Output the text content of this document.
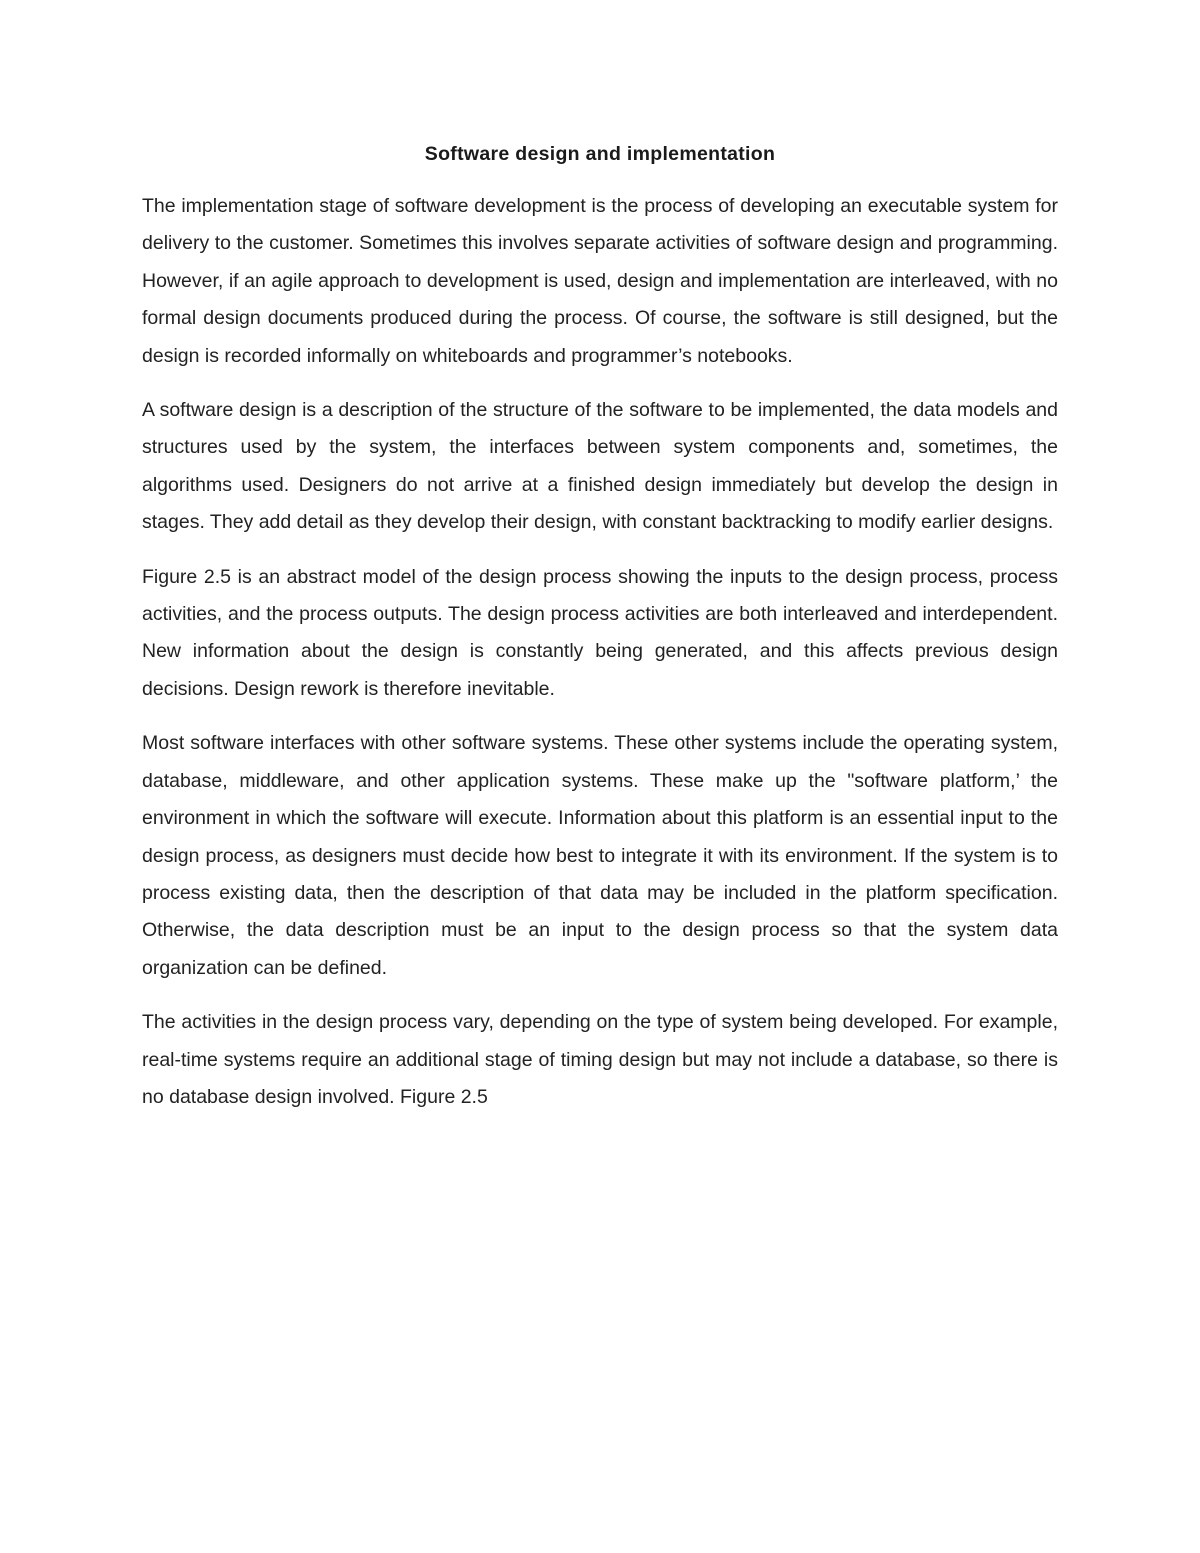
Software design and implementation

The implementation stage of software development is the process of developing an executable system for delivery to the customer. Sometimes this involves separate activities of software design and programming. However, if an agile approach to development is used, design and implementation are interleaved, with no formal design documents produced during the process. Of course, the software is still designed, but the design is recorded informally on whiteboards and programmer’s notebooks.

A software design is a description of the structure of the software to be implemented, the data models and structures used by the system, the interfaces between system components and, sometimes, the algorithms used. Designers do not arrive at a finished design immediately but develop the design in stages. They add detail as they develop their design, with constant backtracking to modify earlier designs.

Figure 2.5 is an abstract model of the design process showing the inputs to the design process, process activities, and the process outputs. The design process activities are both interleaved and interdependent. New information about the design is constantly being generated, and this affects previous design decisions. Design rework is therefore inevitable.

Most software interfaces with other software systems. These other systems include the operating system, database, middleware, and other application systems. These make up the "software platform,’ the environment in which the software will execute. Information about this platform is an essential input to the design process, as designers must decide how best to integrate it with its environment. If the system is to process existing data, then the description of that data may be included in the platform specification. Otherwise, the data description must be an input to the design process so that the system data organization can be defined.

The activities in the design process vary, depending on the type of system being developed. For example, real-time systems require an additional stage of timing design but may not include a database, so there is no database design involved. Figure 2.5
